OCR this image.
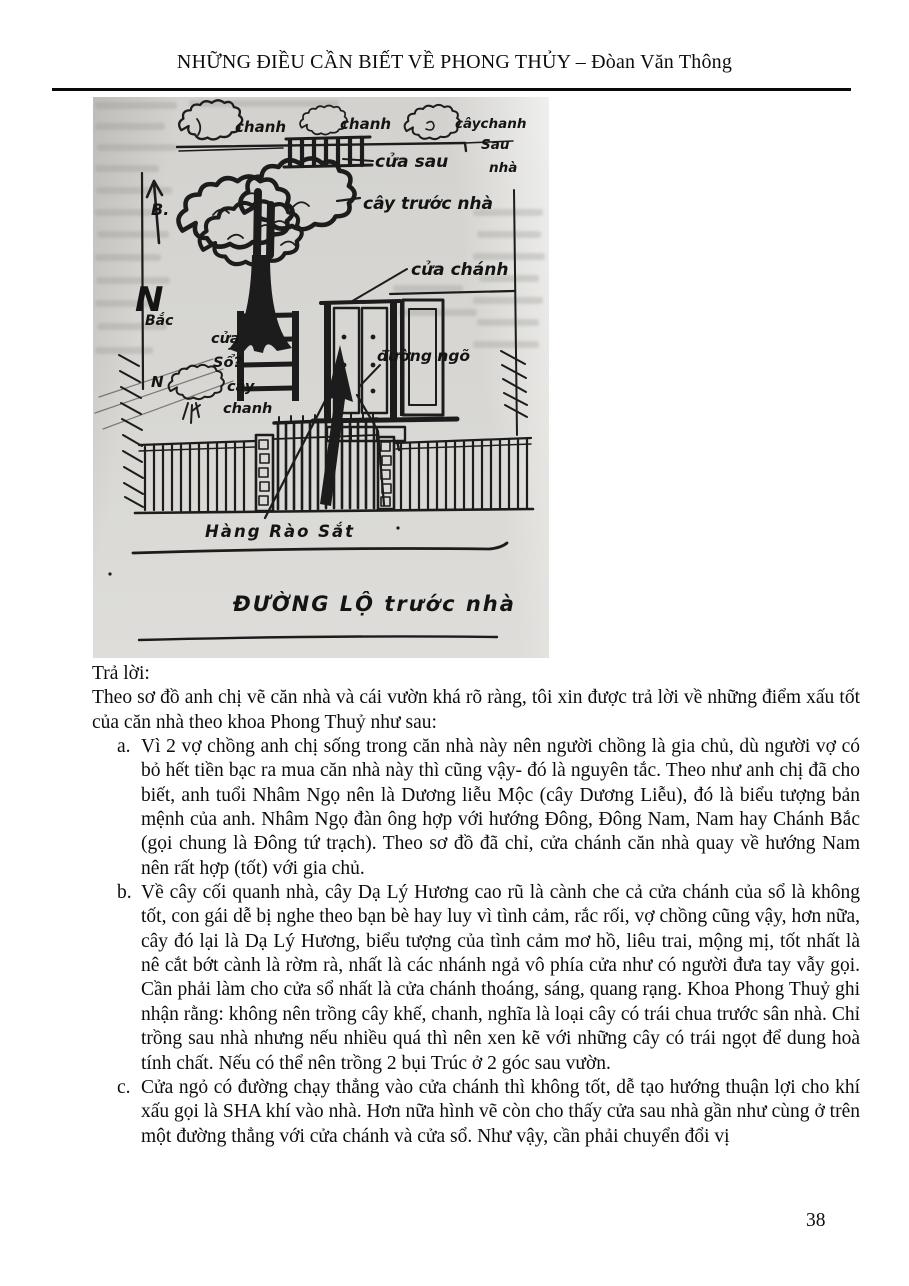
NHỮNG ĐIỀU CẦN BIẾT VỀ PHONG THỦY – Đòan Văn Thông
chanh	chanh	câychanh
Sau
nhà
cửa sau
cửa chánh
cây trước nhà
cửa
Sổ?
B.
N
Bắc
N
đường ngõ
cây
chanh
Hàng Rào Sắt
ĐƯỜNG LỘ trước nhà

Trả lời:

Theo sơ đồ anh chị vẽ căn nhà và cái vườn khá rõ ràng, tôi xin được trả lời về những điểm xấu tốt của căn nhà theo khoa Phong Thuỷ như sau:

a. Vì 2 vợ chồng anh chị sống trong căn nhà này nên người chồng là gia chủ, dù người vợ có bỏ hết tiền bạc ra mua căn nhà này thì cũng vậy- đó là nguyên tắc. Theo như anh chị đã cho biết, anh tuổi Nhâm Ngọ nên là Dương liễu Mộc (cây Dương Liễu), đó là biểu tượng bản mệnh của anh. Nhâm Ngọ đàn ông hợp với hướng Đông, Đông Nam, Nam hay Chánh Bắc (gọi chung là Đông tứ trạch). Theo sơ đồ đã chỉ, cửa chánh căn nhà quay về hướng Nam nên rất hợp (tốt) với gia chủ.
b. Về cây cối quanh nhà, cây Dạ Lý Hương cao rũ là cành che cả cửa chánh của sổ là không tốt, con gái dễ bị nghe theo bạn bè hay luy vì tình cảm, rắc rối, vợ chồng cũng vậy, hơn nữa, cây đó lại là Dạ Lý Hương, biểu tượng của tình cảm mơ hồ, liêu trai, mộng mị, tốt nhất là nê cắt bớt cành là rờm rà, nhất là các nhánh ngả vô phía cửa như có người đưa tay vẫy gọi. Cần phải làm cho cửa sổ nhất là cửa chánh thoáng, sáng, quang rạng. Khoa Phong Thuỷ ghi nhận rằng: không nên trồng cây khế, chanh, nghĩa là loại cây có trái chua trước sân nhà. Chỉ trồng sau nhà nhưng nếu nhiều quá thì nên xen kẽ với những cây có trái ngọt để dung hoà tính chất. Nếu có thể nên trồng 2 bụi Trúc ở 2 góc sau vườn.
c. Cửa ngỏ có đường chạy thẳng vào cửa chánh thì không tốt, dễ tạo hướng thuận lợi cho khí xấu gọi là SHA khí vào nhà. Hơn nữa hình vẽ còn cho thấy cửa sau nhà gần như cùng ở trên một đường thẳng với cửa chánh và cửa sổ. Như vậy, cần phải chuyển đổi vị
38
